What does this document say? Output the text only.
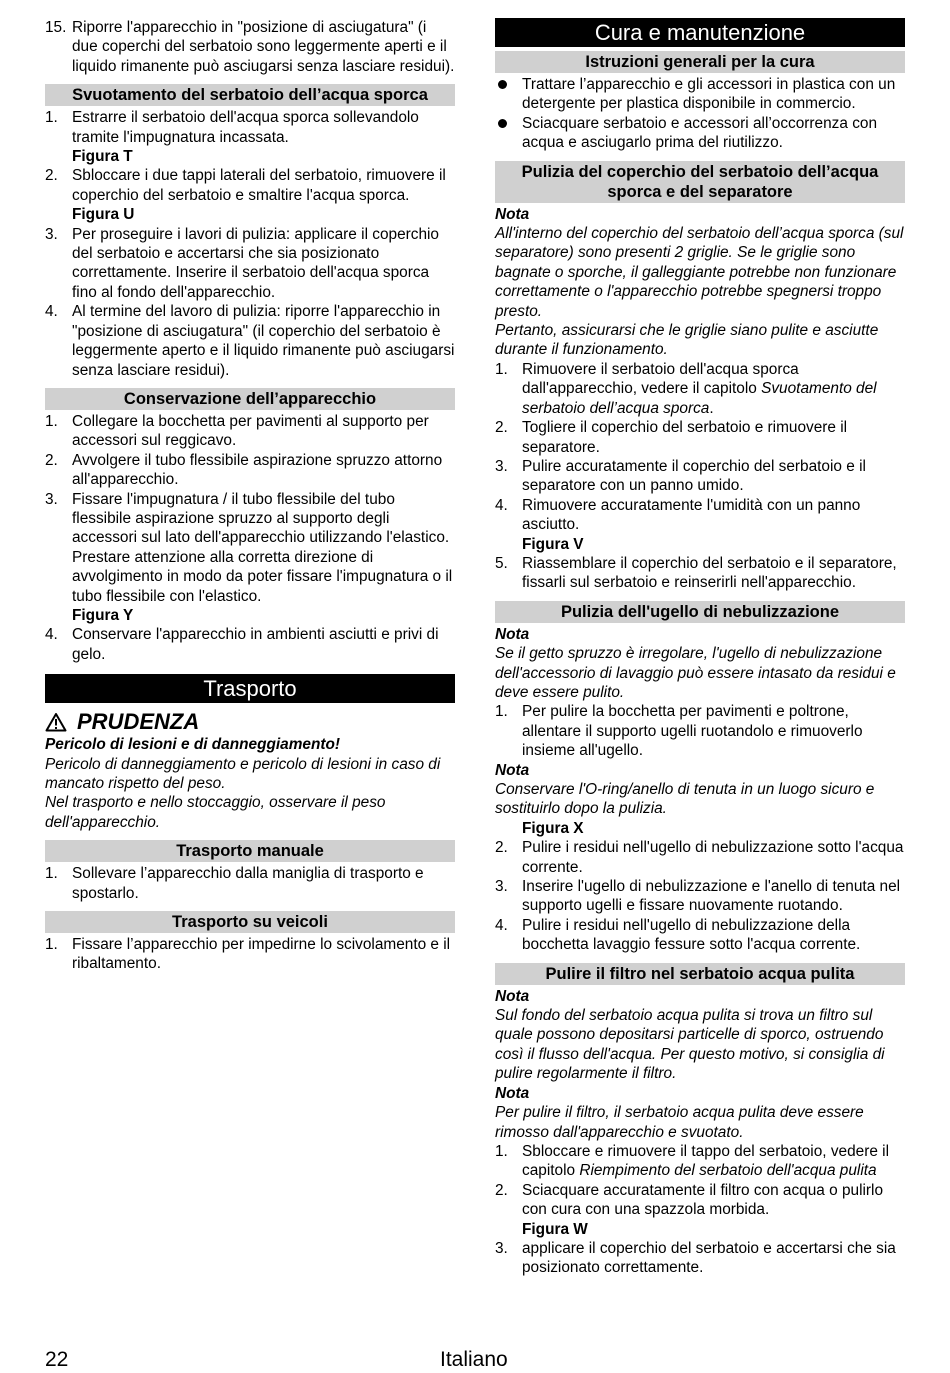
15. Riporre l'apparecchio in "posizione di asciugatura" (i due coperchi del serbatoio sono leggermente aperti e il liquido rimanente può asciugarsi senza lasciare residui).
Svuotamento del serbatoio dell’acqua sporca
1. Estrarre il serbatoio dell'acqua sporca sollevandolo tramite l'impugnatura incassata.
Figura T
2. Sbloccare i due tappi laterali del serbatoio, rimuovere il coperchio del serbatoio e smaltire l'acqua sporca.
Figura U
3. Per proseguire i lavori di pulizia: applicare il coperchio del serbatoio e accertarsi che sia posizionato correttamente. Inserire il serbatoio dell'acqua sporca fino al fondo dell'apparecchio.
4. Al termine del lavoro di pulizia: riporre l'apparecchio in "posizione di asciugatura" (il coperchio del serbatoio è leggermente aperto e il liquido rimanente può asciugarsi senza lasciare residui).
Conservazione dell’apparecchio
1. Collegare la bocchetta per pavimenti al supporto per accessori sul reggicavo.
2. Avvolgere il tubo flessibile aspirazione spruzzo attorno all'apparecchio.
3. Fissare l'impugnatura / il tubo flessibile del tubo flessibile aspirazione spruzzo al supporto degli accessori sul lato dell'apparecchio utilizzando l'elastico. Prestare attenzione alla corretta direzione di avvolgimento in modo da poter fissare l'impugnatura o il tubo flessibile con l'elastico.
Figura Y
4. Conservare l'apparecchio in ambienti asciutti e privi di gelo.
Trasporto
PRUDENZA
Pericolo di lesioni e di danneggiamento!
Pericolo di danneggiamento e pericolo di lesioni in caso di mancato rispetto del peso.
Nel trasporto e nello stoccaggio, osservare il peso dell'apparecchio.
Trasporto manuale
1. Sollevare l’apparecchio dalla maniglia di trasporto e spostarlo.
Trasporto su veicoli
1. Fissare l’apparecchio per impedirne lo scivolamento e il ribaltamento.
Cura e manutenzione
Istruzioni generali per la cura
Trattare l’apparecchio e gli accessori in plastica con un detergente per plastica disponibile in commercio.
Sciacquare serbatoio e accessori all’occorrenza con acqua e asciugarlo prima del riutilizzo.
Pulizia del coperchio del serbatoio dell’acqua sporca e del separatore
Nota
All'interno del coperchio del serbatoio dell’acqua sporca (sul separatore) sono presenti 2 griglie. Se le griglie sono bagnate o sporche, il galleggiante potrebbe non funzionare correttamente o l'apparecchio potrebbe spegnersi troppo presto.
Pertanto, assicurarsi che le griglie siano pulite e asciutte durante il funzionamento.
1. Rimuovere il serbatoio dell'acqua sporca dall'apparecchio, vedere il capitolo Svuotamento del serbatoio dell’acqua sporca.
2. Togliere il coperchio del serbatoio e rimuovere il separatore.
3. Pulire accuratamente il coperchio del serbatoio e il separatore con un panno umido.
4. Rimuovere accuratamente l'umidità con un panno asciutto.
Figura V
5. Riassemblare il coperchio del serbatoio e il separatore, fissarli sul serbatoio e reinserirli nell'apparecchio.
Pulizia dell'ugello di nebulizzazione
Nota
Se il getto spruzzo è irregolare, l'ugello di nebulizzazione dell'accessorio di lavaggio può essere intasato da residui e deve essere pulito.
1. Per pulire la bocchetta per pavimenti e poltrone, allentare il supporto ugelli ruotandolo e rimuoverlo insieme all'ugello.
Nota
Conservare l'O-ring/anello di tenuta in un luogo sicuro e sostituirlo dopo la pulizia.
Figura X
2. Pulire i residui nell'ugello di nebulizzazione sotto l'acqua corrente.
3. Inserire l'ugello di nebulizzazione e l'anello di tenuta nel supporto ugelli e fissare nuovamente ruotando.
4. Pulire i residui nell'ugello di nebulizzazione della bocchetta lavaggio fessure sotto l'acqua corrente.
Pulire il filtro nel serbatoio acqua pulita
Nota
Sul fondo del serbatoio acqua pulita si trova un filtro sul quale possono depositarsi particelle di sporco, ostruendo così il flusso dell'acqua. Per questo motivo, si consiglia di pulire regolarmente il filtro.
Nota
Per pulire il filtro, il serbatoio acqua pulita deve essere rimosso dall'apparecchio e svuotato.
1. Sbloccare e rimuovere il tappo del serbatoio, vedere il capitolo Riempimento del serbatoio dell'acqua pulita
2. Sciacquare accuratamente il filtro con acqua o pulirlo con cura con una spazzola morbida.
Figura W
3. applicare il coperchio del serbatoio e accertarsi che sia posizionato correttamente.
22	Italiano
